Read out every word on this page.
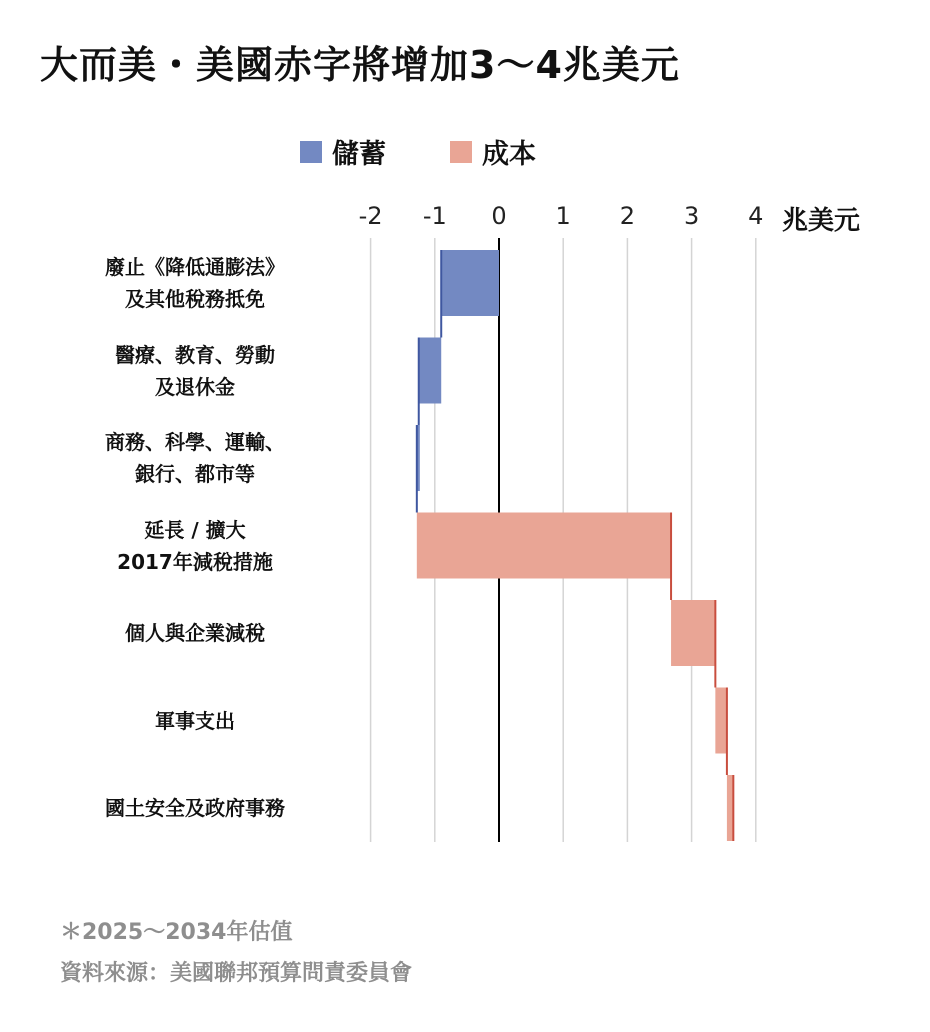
大而美・美國赤字將增加3～4兆美元
儲蓄	成本
兆美元
-2	-1	0	1	2	3	4
廢止《降低通膨法》
及其他稅務抵免
醫療、教育、勞動
及退休金
商務、科學、運輸、
銀行、都市等
延長 / 擴大
2017年減稅措施
個人與企業減稅
軍事支出
國土安全及政府事務
＊2025～2034年估值
資料來源：美國聯邦預算問責委員會
